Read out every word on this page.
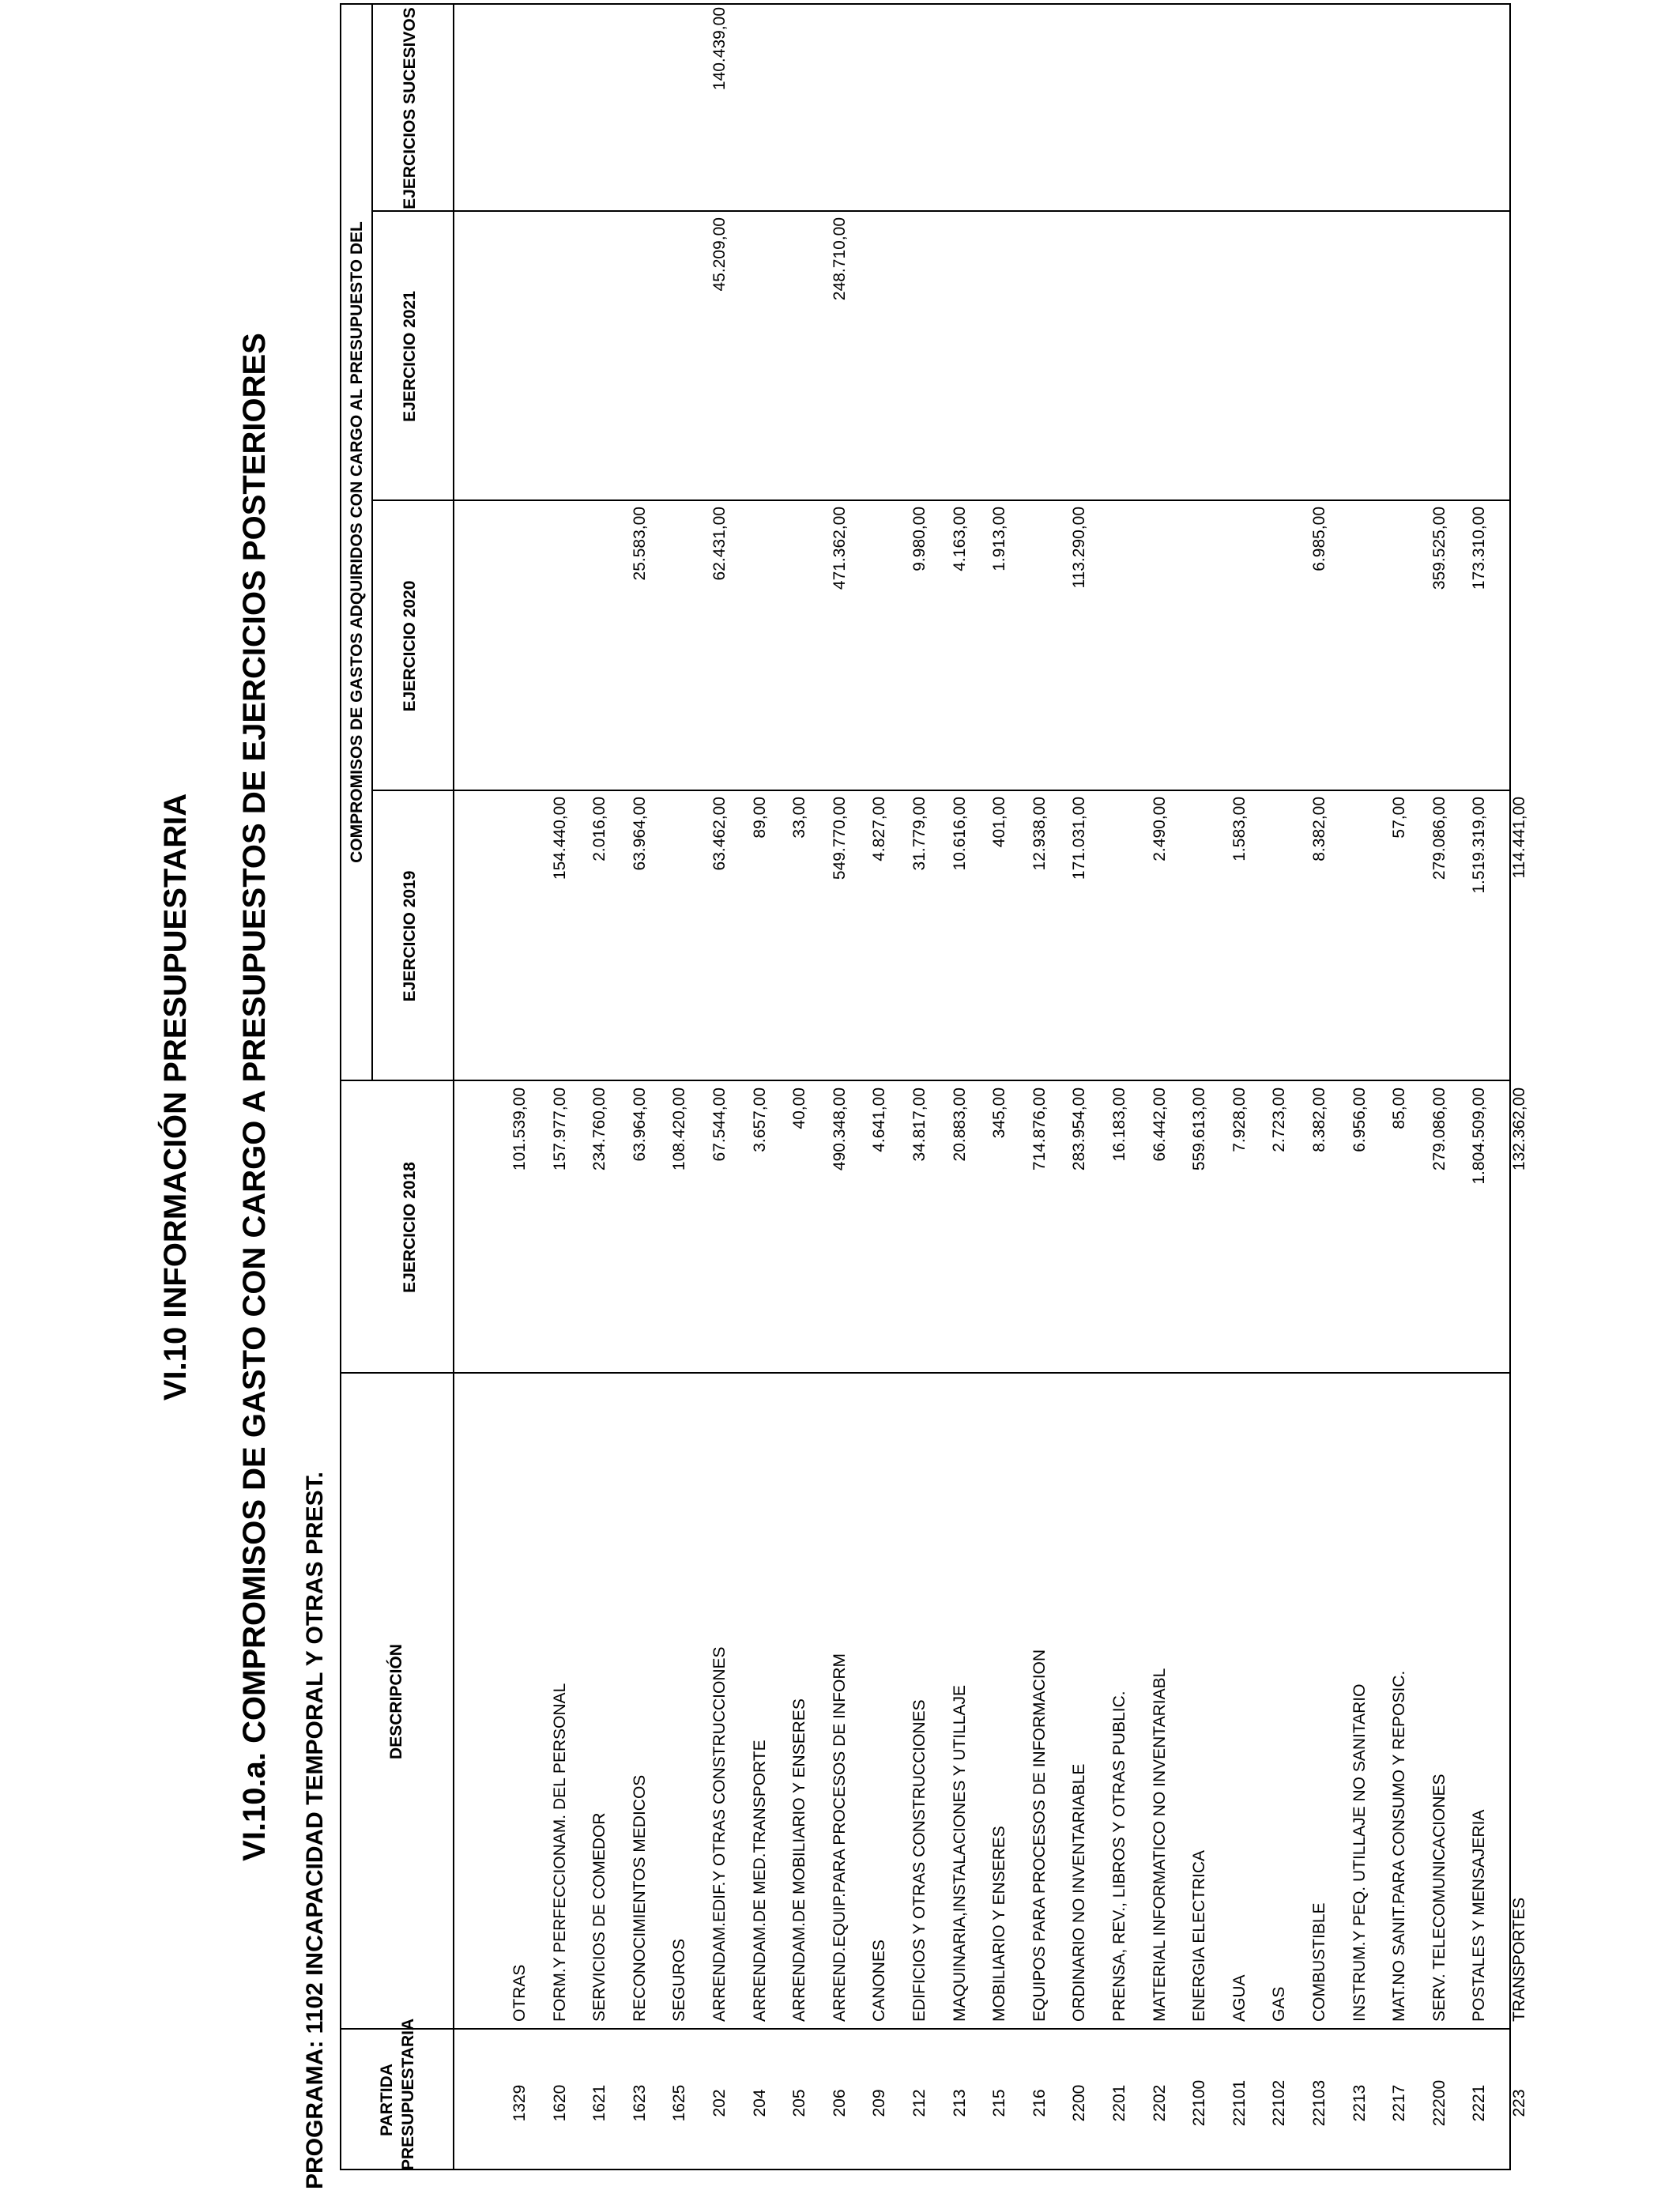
VI.10 INFORMACIÓN PRESUPUESTARIA VI.10.a. COMPROMISOS DE GASTO CON CARGO A PRESUPUESTOS DE EJERCICIOS POSTERIORES PROGRAMA: 1102 INCAPACIDAD TEMPORAL Y OTRAS PREST.	PARTIDA PRESUPUESTARIA
DESCRIPCIÓN
EJERCICIO 2018
COMPROMISOS DE GASTOS ADQUIRIDOS CON CARGO AL PRESUPUESTO DEL
EJERCICIO 2019
EJERCICIO 2020
EJERCICIO 2021
EJERCICIOS SUCESIVOS
1329
OTRAS
101.539,00
1620
FORM.Y PERFECCIONAM. DEL PERSONAL
157.977,00
154.440,00
1621
SERVICIOS DE COMEDOR
234.760,00
2.016,00
1623
RECONOCIMIENTOS MEDICOS
63.964,00
63.964,00
25.583,00
1625
SEGUROS
108.420,00
202
ARRENDAM.EDIF.Y OTRAS CONSTRUCCIONES
67.544,00
63.462,00
62.431,00
45.209,00
140.439,00
204
ARRENDAM.DE MED.TRANSPORTE
3.657,00
89,00
205
ARRENDAM.DE MOBILIARIO Y ENSERES
40,00
33,00
206
ARREND.EQUIP.PARA PROCESOS DE INFORM
490.348,00
549.770,00
471.362,00
248.710,00
209
CANONES
4.641,00
4.827,00
212
EDIFICIOS Y OTRAS CONSTRUCCIONES
34.817,00
31.779,00
9.980,00
213
MAQUINARIA,INSTALACIONES Y UTILLAJE
20.883,00
10.616,00
4.163,00
215
MOBILIARIO Y ENSERES
345,00
401,00
1.913,00
216
EQUIPOS PARA PROCESOS DE INFORMACION
714.876,00
12.938,00
2200
ORDINARIO NO INVENTARIABLE
283.954,00
171.031,00
113.290,00
2201
PRENSA, REV., LIBROS Y OTRAS PUBLIC.
16.183,00
2202
MATERIAL INFORMATICO NO INVENTARIABL
66.442,00
2.490,00
22100
ENERGIA ELECTRICA
559.613,00
22101
AGUA
7.928,00
1.583,00
22102
GAS
2.723,00
22103
COMBUSTIBLE
8.382,00
8.382,00
6.985,00
2213
INSTRUM.Y PEQ. UTILLAJE NO SANITARIO
6.956,00
2217
MAT.NO SANIT.PARA CONSUMO Y REPOSIC.
85,00
57,00
22200
SERV. TELECOMUNICACIONES
279.086,00
279.086,00
359.525,00
2221
POSTALES Y MENSAJERIA
1.804.509,00
1.519.319,00
173.310,00
223
TRANSPORTES
132.362,00
114.441,00
